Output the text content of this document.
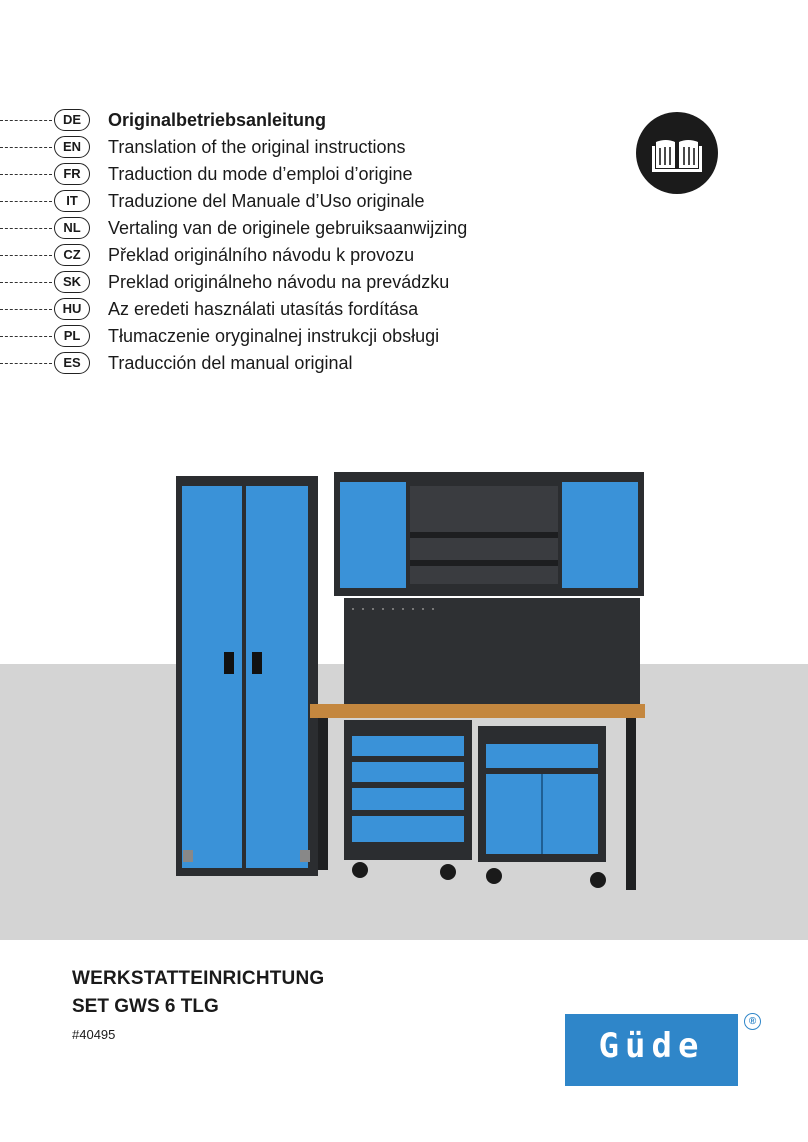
DE	Originalbetriebsanleitung
EN	Translation of the original instructions
FR	Traduction du mode d’emploi d’origine
IT	Traduzione del Manuale d’Uso originale
NL	Vertaling van de originele gebruiksaanwijzing
CZ	Překlad originálního návodu k provozu
SK	Preklad originálneho návodu na prevádzku
HU	Az eredeti használati utasítás fordítása
PL	Tłumaczenie oryginalnej instrukcji obsługi
ES	Traducción del manual original
WERKSTATTEINRICHTUNG
SET GWS 6 TLG
#40495	Güde
®
